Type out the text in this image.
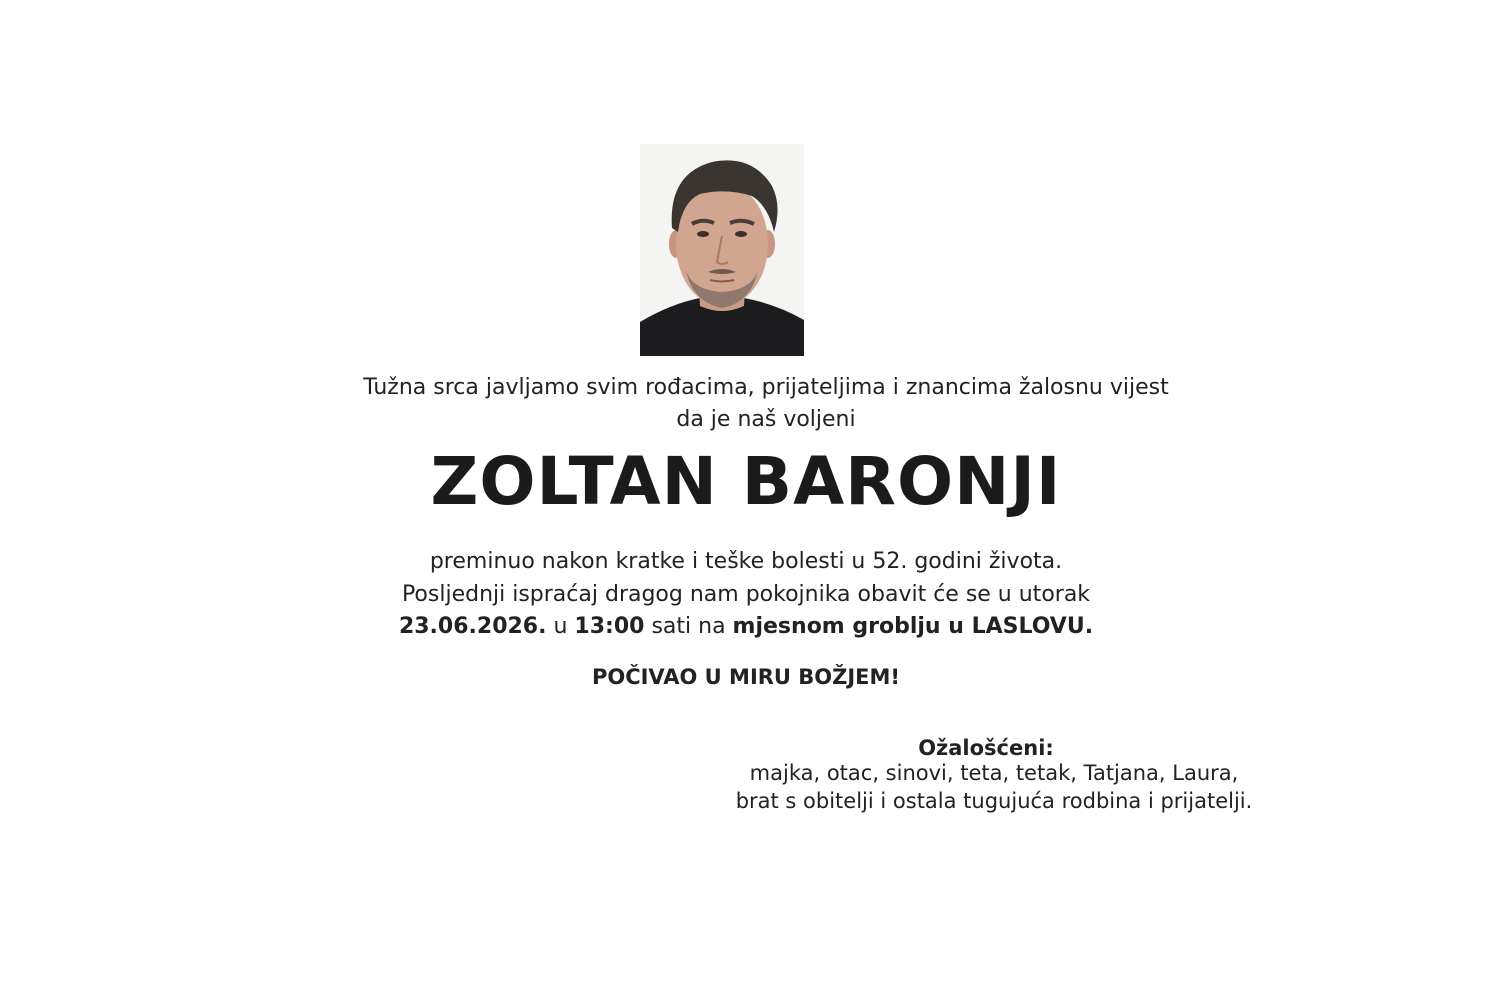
Tužna srca javljamo svim rođacima, prijateljima i znancima žalosnu vijest
da je naš voljeni
ZOLTAN BARONJI
preminuo nakon kratke i teške bolesti u 52. godini života.
Posljednji ispraćaj dragog nam pokojnika obavit će se u utorak
23.06.2026. u 13:00 sati na mjesnom groblju u LASLOVU.
POČIVAO U MIRU BOŽJEM!
Ožalošćeni:
majka, otac, sinovi, teta, tetak, Tatjana, Laura,
brat s obitelji i ostala tugujuća rodbina i prijatelji.
